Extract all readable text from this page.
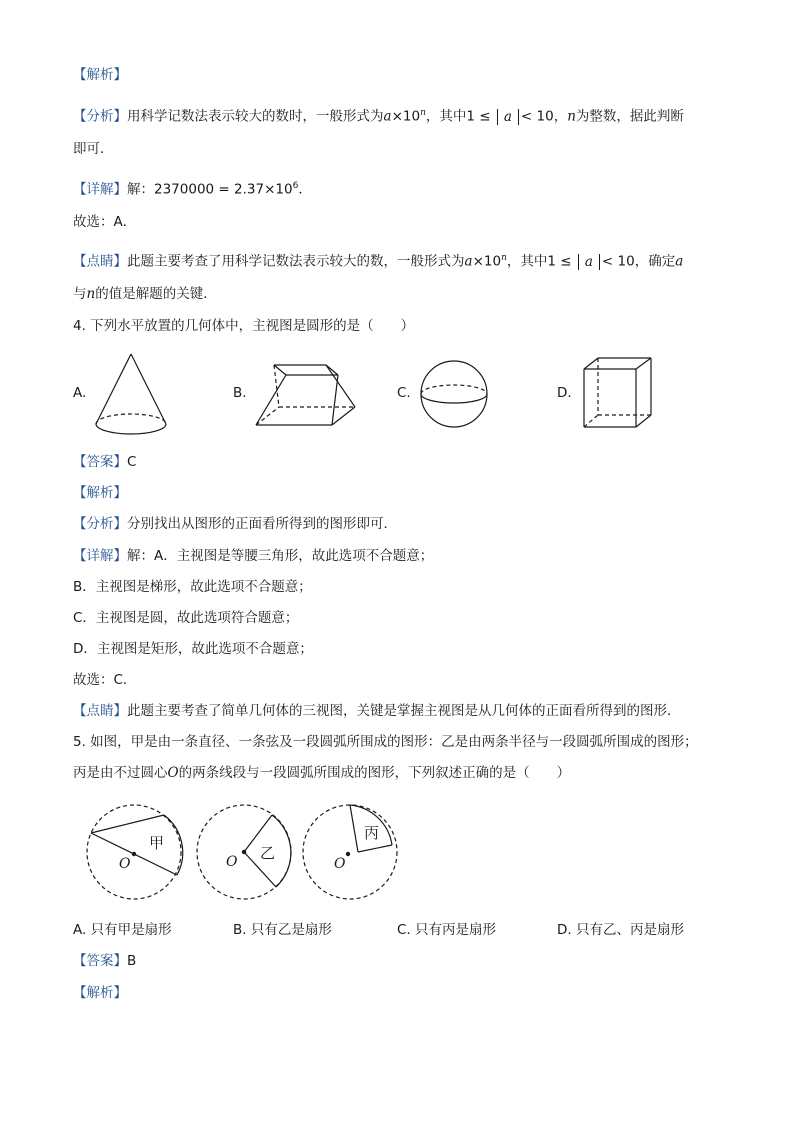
【解析】
【分析】用科学记数法表示较大的数时，一般形式为$a\times 10^n$，其中1 ≤ a < 10，n为整数，据此判断
即可．
【详解】解：$2370000 = 2.37\times 10^6$．
故选：A．
【点睛】此题主要考查了用科学记数法表示较大的数，一般形式为$a\times 10^n$，其中1 ≤ a < 10，确定a
与n的值是解题的关键．
4. 下列水平放置的几何体中，主视图是圆形的是（　　）
A.	B.	C.	D.
【答案】C
【解析】
【分析】分别找出从图形的正面看所得到的图形即可．
【详解】解：A．主视图是等腰三角形，故此选项不合题意；
B．主视图是梯形，故此选项不合题意；
C．主视图是圆，故此选项符合题意；
D．主视图是矩形，故此选项不合题意；
故选：C．
【点睛】此题主要考查了简单几何体的三视图，关键是掌握主视图是从几何体的正面看所得到的图形．
5. 如图，甲是由一条直径、一条弦及一段圆弧所围成的图形：乙是由两条半径与一段圆弧所围成的图形；
丙是由不过圆心O的两条线段与一段圆弧所围成的图形，下列叙述正确的是（　　）
甲
O
乙
O
丙
O
A. 只有甲是扇形	B. 只有乙是扇形	C. 只有丙是扇形	D. 只有乙、丙是扇形
【答案】B
【解析】
